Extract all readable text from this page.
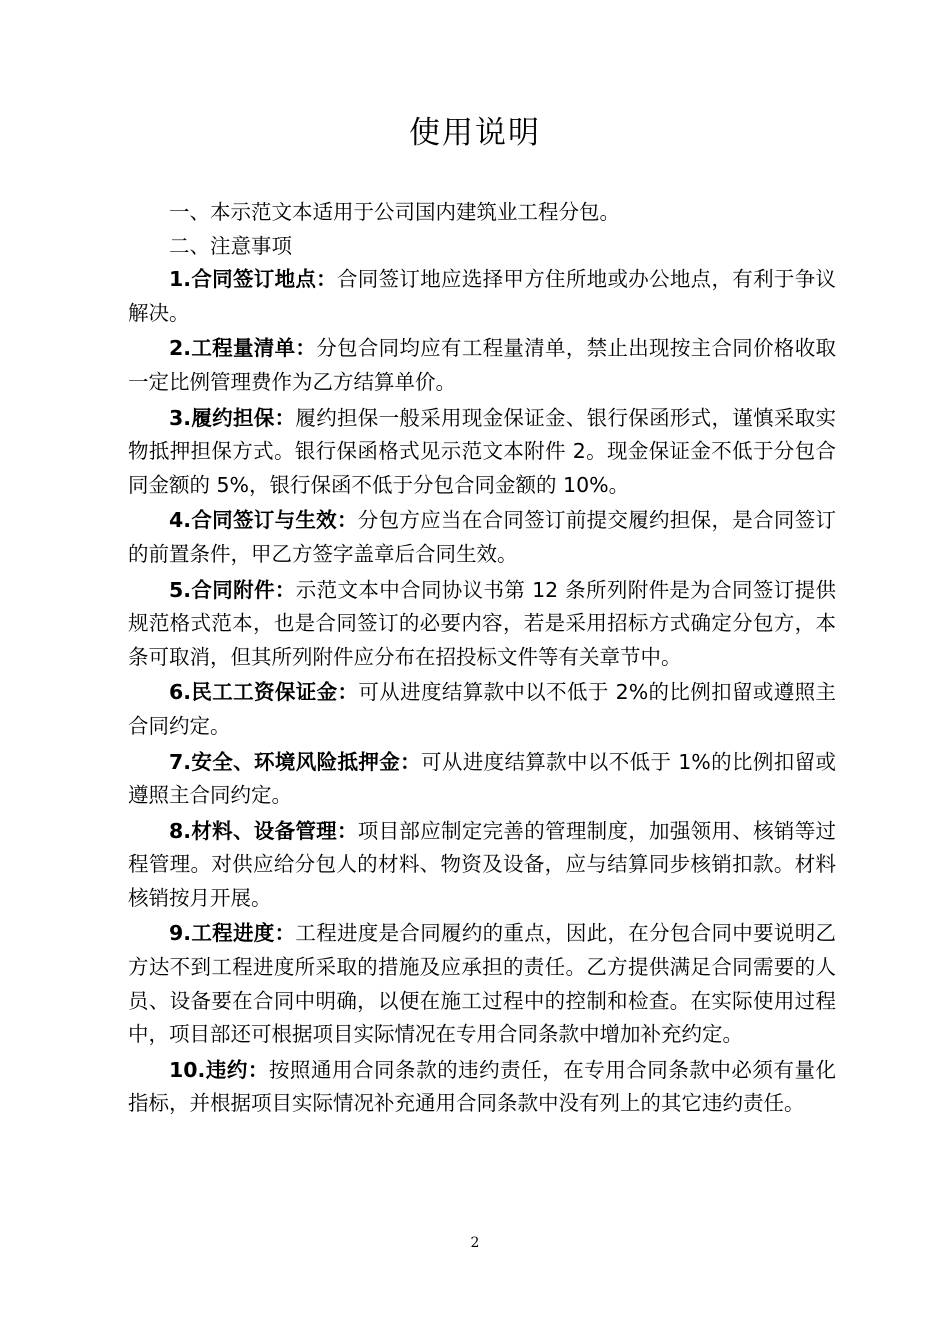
使用说明

一、本示范文本适用于公司国内建筑业工程分包。

二、注意事项

1.合同签订地点：合同签订地应选择甲方住所地或办公地点，有利于争议解决。

2.工程量清单：分包合同均应有工程量清单，禁止出现按主合同价格收取一定比例管理费作为乙方结算单价。

3.履约担保：履约担保一般采用现金保证金、银行保函形式，谨慎采取实物抵押担保方式。银行保函格式见示范文本附件 2。现金保证金不低于分包合同金额的 5%，银行保函不低于分包合同金额的 10%。

4.合同签订与生效：分包方应当在合同签订前提交履约担保，是合同签订的前置条件，甲乙方签字盖章后合同生效。

5.合同附件：示范文本中合同协议书第 12 条所列附件是为合同签订提供规范格式范本，也是合同签订的必要内容，若是采用招标方式确定分包方，本条可取消，但其所列附件应分布在招投标文件等有关章节中。

6.民工工资保证金：可从进度结算款中以不低于 2%的比例扣留或遵照主合同约定。

7.安全、环境风险抵押金：可从进度结算款中以不低于 1%的比例扣留或遵照主合同约定。

8.材料、设备管理：项目部应制定完善的管理制度，加强领用、核销等过程管理。对供应给分包人的材料、物资及设备，应与结算同步核销扣款。材料核销按月开展。

9.工程进度：工程进度是合同履约的重点，因此，在分包合同中要说明乙方达不到工程进度所采取的措施及应承担的责任。乙方提供满足合同需要的人员、设备要在合同中明确，以便在施工过程中的控制和检查。在实际使用过程中，项目部还可根据项目实际情况在专用合同条款中增加补充约定。

10.违约：按照通用合同条款的违约责任，在专用合同条款中必须有量化指标，并根据项目实际情况补充通用合同条款中没有列上的其它违约责任。

2
